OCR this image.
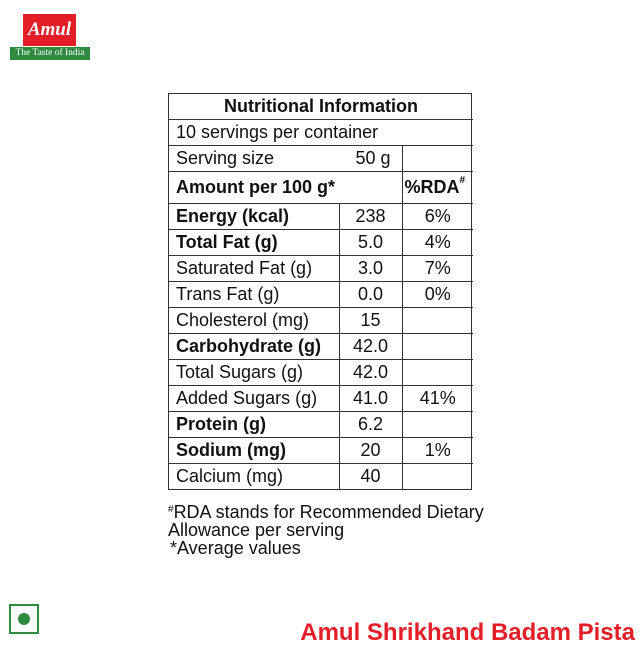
Amul
The Taste of India
Nutritional Information		
10 servings per container		
Serving size 50 g		

Amount per 100 g*		%RDA#
Energy (kcal)	238	6%
Total Fat (g)	5.0	4%
Saturated Fat (g)	3.0	7%
Trans Fat (g)	0.0	0%
Cholesterol (mg)	15	
Carbohydrate (g)	42.0	
Total Sugars (g)	42.0	
Added Sugars (g)	41.0	41%
Protein (g)	6.2	
Sodium (mg)	20	1%
Calcium (mg)	40	
#RDA stands for Recommended Dietary
Allowance per serving
*Average values
Amul Shrikhand Badam Pista
